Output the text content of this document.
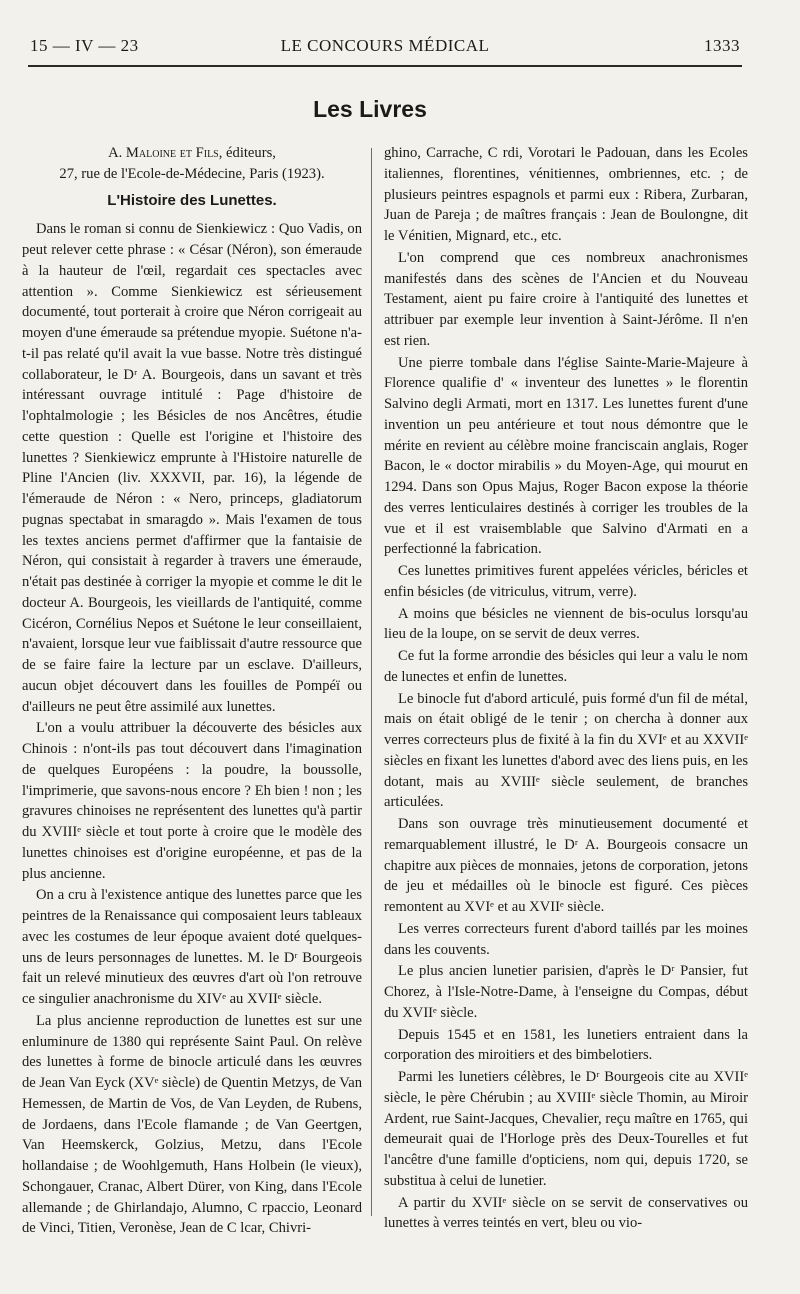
15 — IV — 23	LE CONCOURS MÉDICAL	1333
Les Livres

A. Maloine et Fils, éditeurs,

27, rue de l'Ecole-de-Médecine, Paris (1923).

L'Histoire des Lunettes.

Dans le roman si connu de Sienkiewicz : Quo Vadis, on peut relever cette phrase : « César (Néron), son émeraude à la hauteur de l'œil, regardait ces spectacles avec attention ». Comme Sienkiewicz est sérieusement documenté, tout porterait à croire que Néron corrigeait au moyen d'une émeraude sa prétendue myopie. Suétone n'a-t-il pas relaté qu'il avait la vue basse. Notre très distingué collaborateur, le Dʳ A. Bourgeois, dans un savant et très intéressant ouvrage intitulé : Page d'histoire de l'ophtalmologie ; les Bésicles de nos Ancêtres, étudie cette question : Quelle est l'origine et l'histoire des lunettes ? Sienkiewicz emprunte à l'Histoire naturelle de Pline l'Ancien (liv. XXXVII, par. 16), la légende de l'émeraude de Néron : « Nero, princeps, gladiatorum pugnas spectabat in smaragdo ». Mais l'examen de tous les textes anciens permet d'affirmer que la fantaisie de Néron, qui consistait à regarder à travers une émeraude, n'était pas destinée à corriger la myopie et comme le dit le docteur A. Bourgeois, les vieillards de l'antiquité, comme Cicéron, Cornélius Nepos et Suétone le leur conseillaient, n'avaient, lorsque leur vue faiblissait d'autre ressource que de se faire faire la lecture par un esclave. D'ailleurs, aucun objet découvert dans les fouilles de Pompéï ou d'ailleurs ne peut être assimilé aux lunettes.

L'on a voulu attribuer la découverte des bésicles aux Chinois : n'ont-ils pas tout découvert dans l'imagination de quelques Européens : la poudre, la boussolle, l'imprimerie, que savons-nous encore ? Eh bien ! non ; les gravures chinoises ne représentent des lunettes qu'à partir du XVIIIᵉ siècle et tout porte à croire que le modèle des lunettes chinoises est d'origine européenne, et pas de la plus ancienne.

On a cru à l'existence antique des lunettes parce que les peintres de la Renaissance qui composaient leurs tableaux avec les costumes de leur époque avaient doté quelques-uns de leurs personnages de lunettes. M. le Dʳ Bourgeois fait un relevé minutieux des œuvres d'art où l'on retrouve ce singulier anachronisme du XIVᵉ au XVIIᵉ siècle.

La plus ancienne reproduction de lunettes est sur une enluminure de 1380 qui représente Saint Paul. On relève des lunettes à forme de binocle articulé dans les œuvres de Jean Van Eyck (XVᵉ siècle) de Quentin Metzys, de Van Hemessen, de Martin de Vos, de Van Leyden, de Rubens, de Jordaens, dans l'Ecole flamande ; de Van Geertgen, Van Heemskerck, Golzius, Metzu, dans l'Ecole hollandaise ; de Woohlgemuth, Hans Holbein (le vieux), Schongauer, Cranac, Albert Dürer, von King, dans l'Ecole allemande ; de Ghirlandajo, Alumno, C rpaccio, Leonard de Vinci, Titien, Veronèse, Jean de C lcar, Chivri-

ghino, Carrache, C rdi, Vorotari le Padouan, dans les Ecoles italiennes, florentines, vénitiennes, ombriennes, etc. ; de plusieurs peintres espagnols et parmi eux : Ribera, Zurbaran, Juan de Pareja ; de maîtres français : Jean de Boulongne, dit le Vénitien, Mignard, etc., etc.

L'on comprend que ces nombreux anachronismes manifestés dans des scènes de l'Ancien et du Nouveau Testament, aient pu faire croire à l'antiquité des lunettes et attribuer par exemple leur invention à Saint-Jérôme. Il n'en est rien.

Une pierre tombale dans l'église Sainte-Marie-Majeure à Florence qualifie d' « inventeur des lunettes » le florentin Salvino degli Armati, mort en 1317. Les lunettes furent d'une invention un peu antérieure et tout nous démontre que le mérite en revient au célèbre moine franciscain anglais, Roger Bacon, le « doctor mirabilis » du Moyen-Age, qui mourut en 1294. Dans son Opus Majus, Roger Bacon expose la théorie des verres lenticulaires destinés à corriger les troubles de la vue et il est vraisemblable que Salvino d'Armati en a perfectionné la fabrication.

Ces lunettes primitives furent appelées véricles, béricles et enfin bésicles (de vitriculus, vitrum, verre).

A moins que bésicles ne viennent de bis-oculus lorsqu'au lieu de la loupe, on se servit de deux verres.

Ce fut la forme arrondie des bésicles qui leur a valu le nom de lunectes et enfin de lunettes.

Le binocle fut d'abord articulé, puis formé d'un fil de métal, mais on était obligé de le tenir ; on chercha à donner aux verres correcteurs plus de fixité à la fin du XVIᵉ et au XXVIIᵉ siècles en fixant les lunettes d'abord avec des liens puis, en les dotant, mais au XVIIIᵉ siècle seulement, de branches articulées.

Dans son ouvrage très minutieusement documenté et remarquablement illustré, le Dʳ A. Bourgeois consacre un chapitre aux pièces de monnaies, jetons de corporation, jetons de jeu et médailles où le binocle est figuré. Ces pièces remontent au XVIᵉ et au XVIIᵉ siècle.

Les verres correcteurs furent d'abord taillés par les moines dans les couvents.

Le plus ancien lunetier parisien, d'après le Dʳ Pansier, fut Chorez, à l'Isle-Notre-Dame, à l'enseigne du Compas, début du XVIIᵉ siècle.

Depuis 1545 et en 1581, les lunetiers entraient dans la corporation des miroitiers et des bimbelotiers.

Parmi les lunetiers célèbres, le Dʳ Bourgeois cite au XVIIᵉ siècle, le père Chérubin ; au XVIIIᵉ siècle Thomin, au Miroir Ardent, rue Saint-Jacques, Chevalier, reçu maître en 1765, qui demeurait quai de l'Horloge près des Deux-Tourelles et fut l'ancêtre d'une famille d'opticiens, nom qui, depuis 1720, se substitua à celui de lunetier.

A partir du XVIIᵉ siècle on se servit de conservatives ou lunettes à verres teintés en vert, bleu ou vio-
